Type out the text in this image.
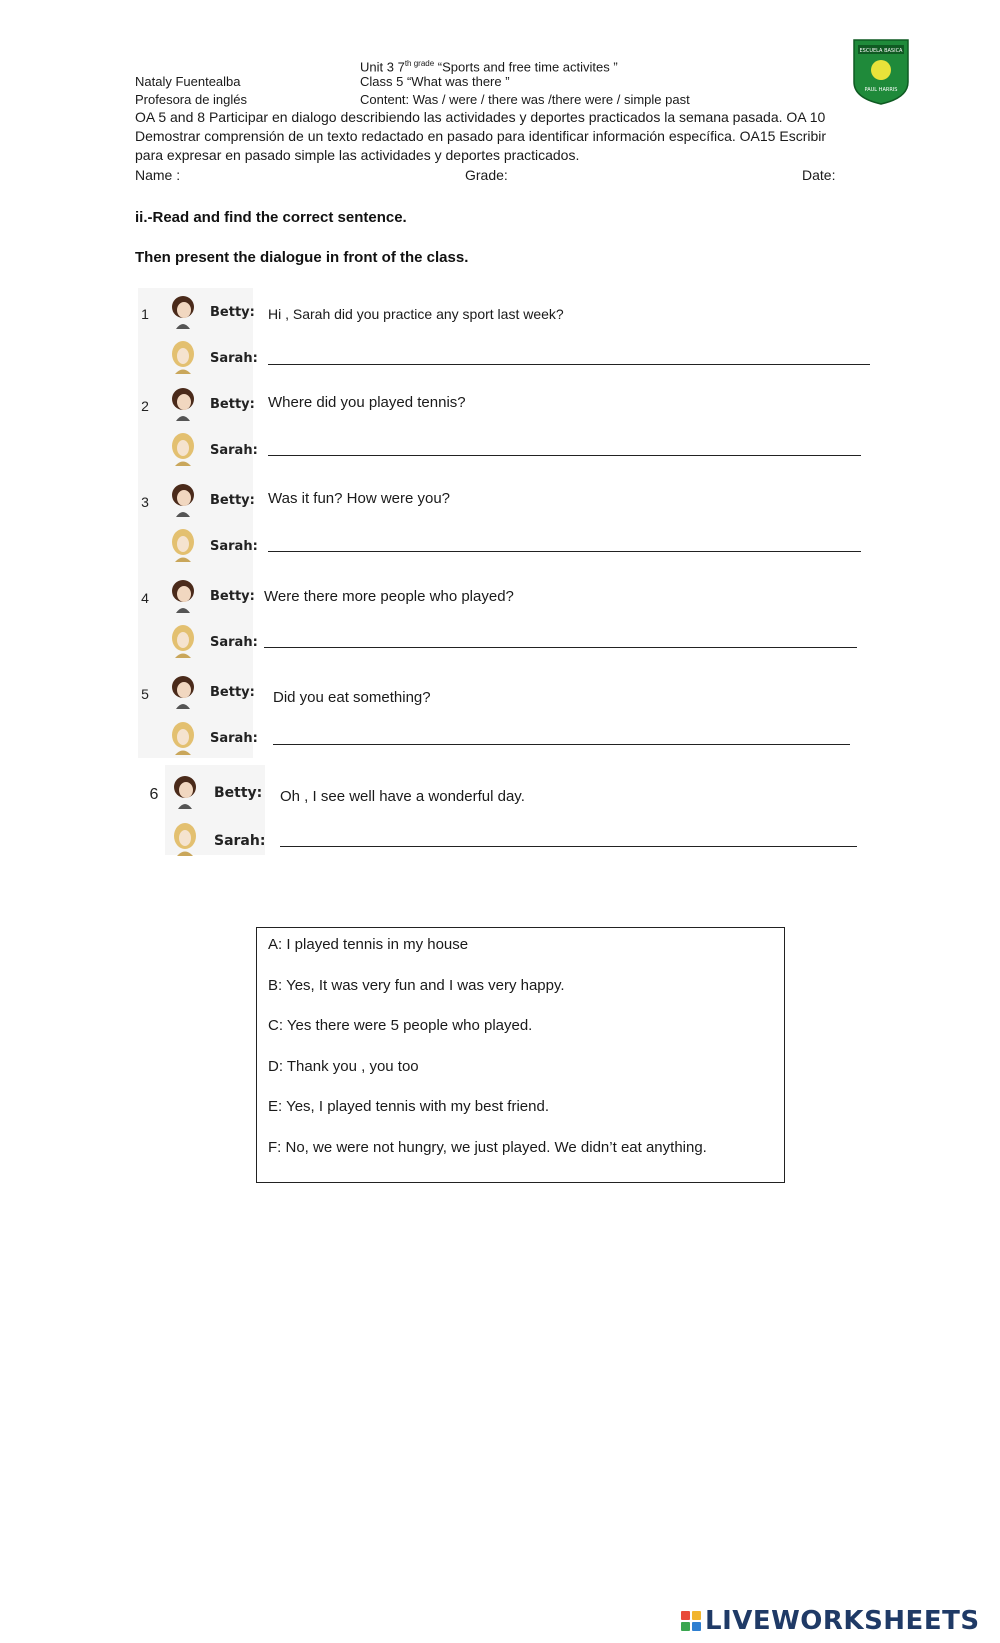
Unit 3 $7^{th grade}$ “Sports and free time activites ”
Nataly Fuentealba	Class 5 “What was there ”
Profesora de inglés	Content: Was / were / there was /there were / simple past
OA 5 and 8 Participar en dialogo describiendo las actividades y deportes practicados la semana pasada. OA 10 Demostrar comprensión de un texto redactado en pasado para identificar información específica. OA15 Escribir para expresar en pasado simple las actividades y deportes practicados.
Name :	Grade:	Date:
ESCUELA BASICA
PAUL HARRIS
ii.-Read and find the correct sentence.
Then present the dialogue in front of the class.
1	Betty: Hi , Sarah did you practice any sport last week?
Sarah:
2	Betty: Where did you played tennis?
Sarah:
3	Betty: Was it fun? How were you?
Sarah:
4	Betty: Were there more people who played?
Sarah:
5	Betty: Did you eat something?
Sarah:
6	Betty: Oh , I see well have a wonderful day.
Sarah:
A: I played tennis in my house
B: Yes, It was very fun and I was very happy.
C: Yes there were 5 people who played.
D: Thank you , you too
E: Yes, I played tennis with my best friend.
F: No, we were not hungry, we just played. We didn’t eat anything.
LIVEWORKSHEETS
